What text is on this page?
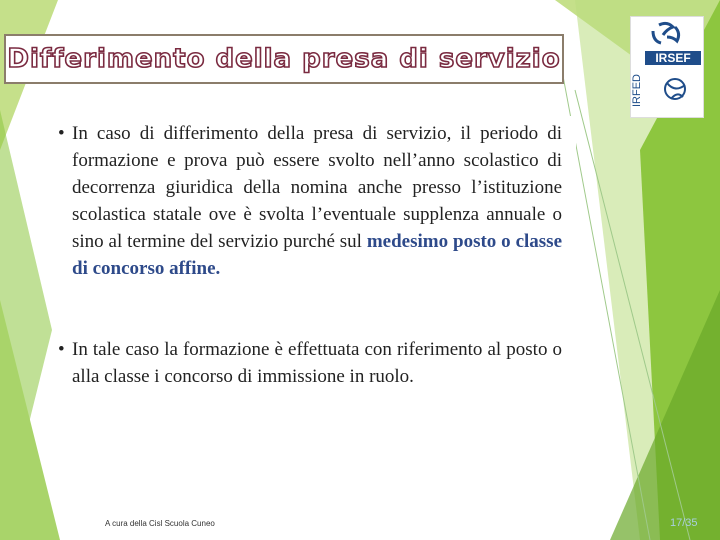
Differimento della presa di servizio	IRSEF
IRFED
• In caso di differimento della presa di servizio, il periodo di formazione e prova può essere svolto nell’anno scolastico di decorrenza giuridica della nomina anche presso l’istituzione scolastica statale ove è svolta l’eventuale supplenza annuale o sino al termine del servizio purché sul medesimo posto o classe di concorso affine.
• In tale caso la formazione è effettuata con riferimento al posto o alla classe i concorso di immissione in ruolo.
A cura della Cisl Scuola Cuneo	17/35
